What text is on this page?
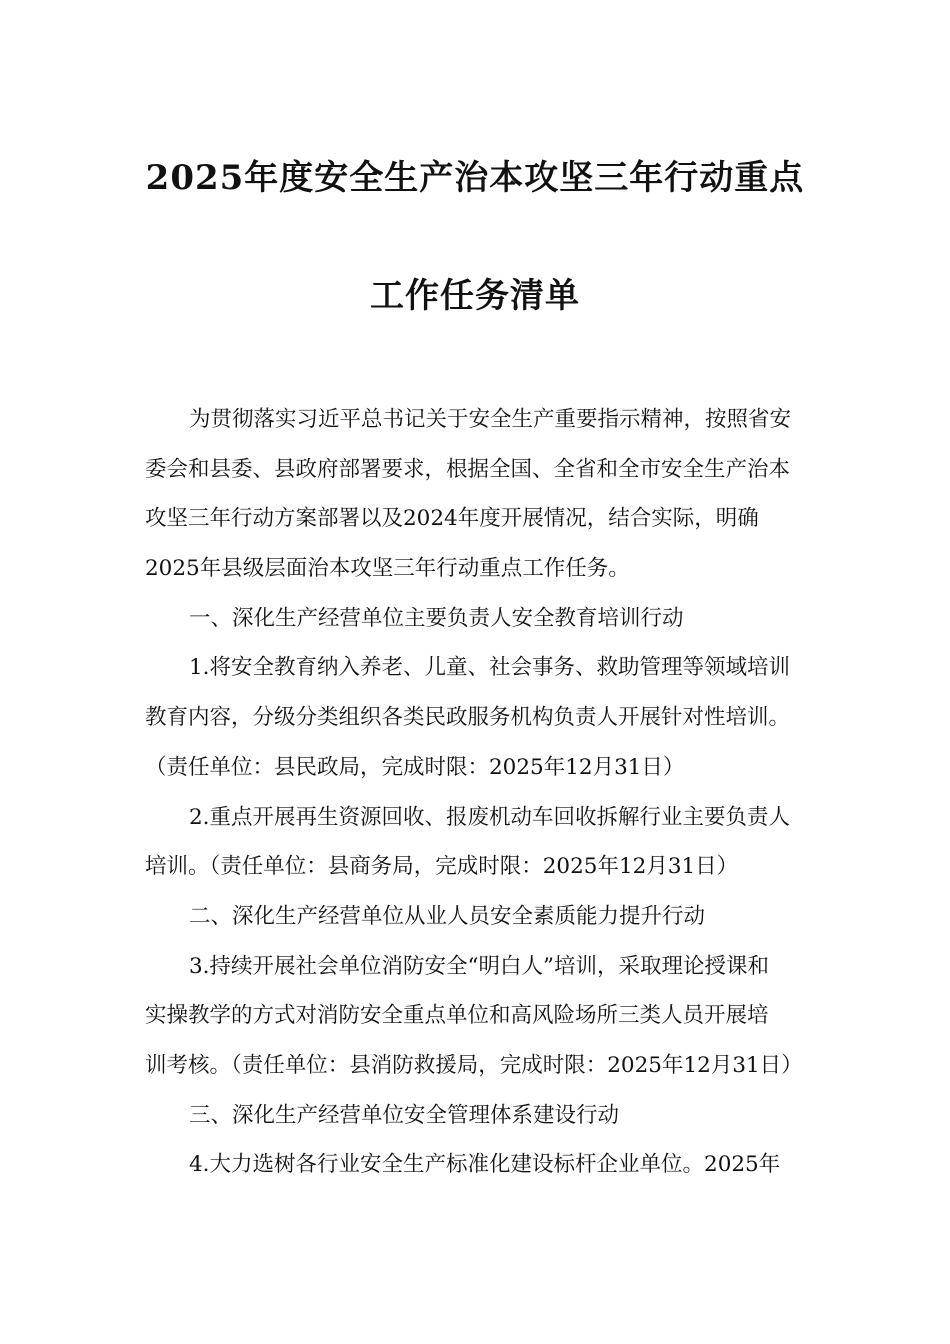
2025年度安全生产治本攻坚三年行动重点
工作任务清单
为贯彻落实习近平总书记关于安全生产重要指示精神，按照省安
委会和县委、县政府部署要求，根据全国、全省和全市安全生产治本
攻坚三年行动方案部署以及2024年度开展情况，结合实际，明确
2025年县级层面治本攻坚三年行动重点工作任务。
一、深化生产经营单位主要负责人安全教育培训行动
1.将安全教育纳入养老、儿童、社会事务、救助管理等领域培训
教育内容，分级分类组织各类民政服务机构负责人开展针对性培训。
（责任单位：县民政局，完成时限：2025年12月31日）
2.重点开展再生资源回收、报废机动车回收拆解行业主要负责人
培训。（责任单位：县商务局，完成时限：2025年12月31日）
二、深化生产经营单位从业人员安全素质能力提升行动
3.持续开展社会单位消防安全“明白人”培训，采取理论授课和
实操教学的方式对消防安全重点单位和高风险场所三类人员开展培
训考核。（责任单位：县消防救援局，完成时限：2025年12月31日）
三、深化生产经营单位安全管理体系建设行动
4.大力选树各行业安全生产标准化建设标杆企业单位。2025年
